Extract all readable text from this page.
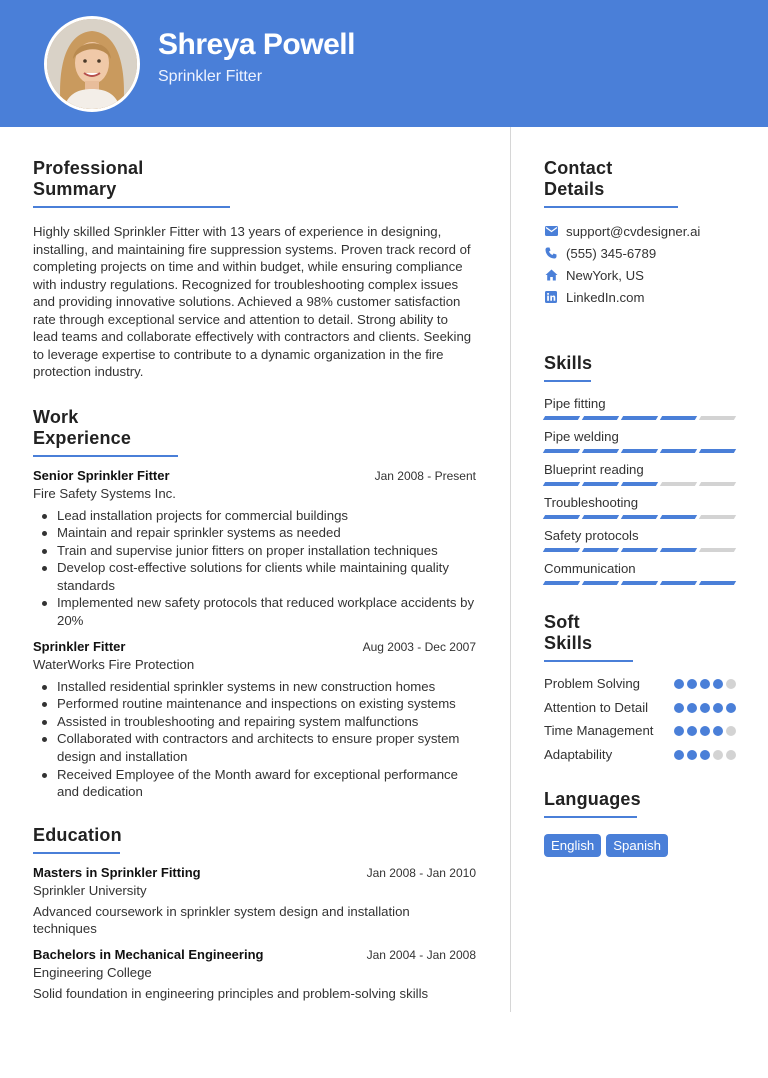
Shreya Powell
Sprinkler Fitter
Professional Summary

Highly skilled Sprinkler Fitter with 13 years of experience in designing, installing, and maintaining fire suppression systems. Proven track record of completing projects on time and within budget, while ensuring compliance with industry regulations. Recognized for troubleshooting complex issues and providing innovative solutions. Achieved a 98% customer satisfaction rate through exceptional service and attention to detail. Strong ability to lead teams and collaborate effectively with contractors and clients. Seeking to leverage expertise to contribute to a dynamic organization in the fire protection industry.

Work Experience
Senior Sprinkler Fitter	Jan 2008 - Present
Fire Safety Systems Inc.
Lead installation projects for commercial buildings
Maintain and repair sprinkler systems as needed
Train and supervise junior fitters on proper installation techniques
Develop cost-effective solutions for clients while maintaining quality standards
Implemented new safety protocols that reduced workplace accidents by 20%
Sprinkler Fitter	Aug 2003 - Dec 2007
WaterWorks Fire Protection
Installed residential sprinkler systems in new construction homes
Performed routine maintenance and inspections on existing systems
Assisted in troubleshooting and repairing system malfunctions
Collaborated with contractors and architects to ensure proper system design and installation
Received Employee of the Month award for exceptional performance and dedication
Education
Masters in Sprinkler Fitting	Jan 2008 - Jan 2010
Sprinkler University
Advanced coursework in sprinkler system design and installation techniques
Bachelors in Mechanical Engineering	Jan 2004 - Jan 2008
Engineering College
Solid foundation in engineering principles and problem-solving skills
Contact Details
support@cvdesigner.ai
(555) 345-6789
NewYork, US
LinkedIn.com
Skills
Pipe fitting
Pipe welding
Blueprint reading
Troubleshooting
Safety protocols
Communication
Soft Skills
Problem Solving
Attention to Detail
Time Management
Adaptability
Languages
English	Spanish
